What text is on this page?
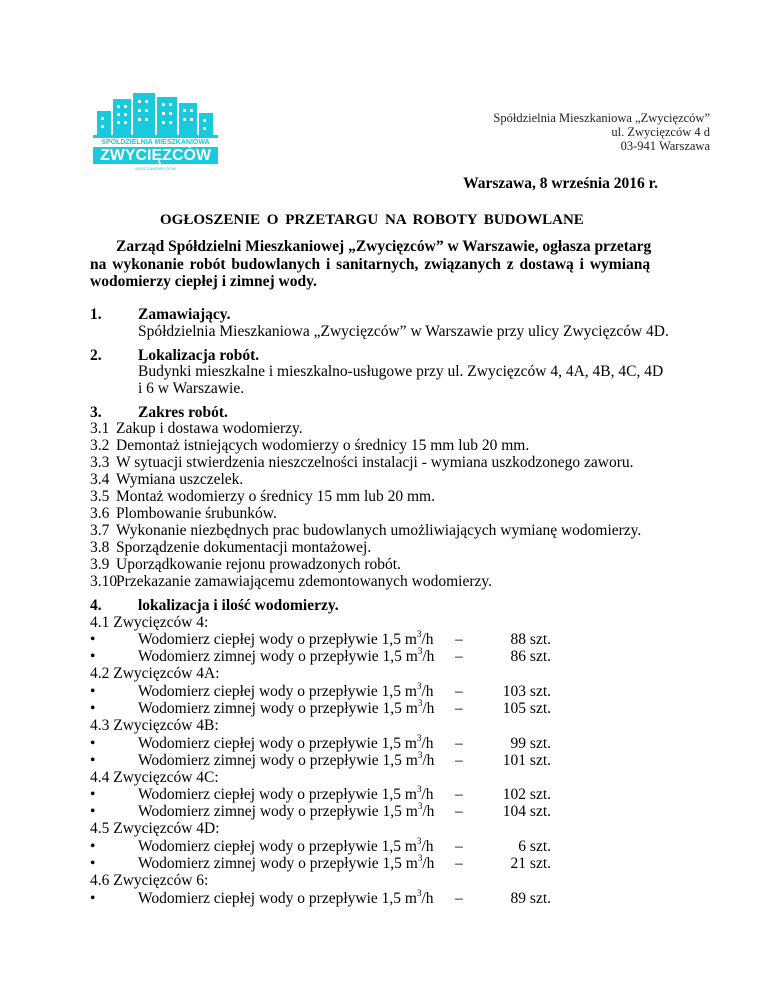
SPÓŁDZIELNIA MIESZKANIOWA
ZWYCIĘZCÓW
NASZ ZAUFANY DOM
Spółdzielnia Mieszkaniowa „Zwycięzców”
ul. Zwycięzców 4 d
03-941 Warszawa
Warszawa, 8 września 2016 r.
OGŁOSZENIE O PRZETARGU NA ROBOTY BUDOWLANE
Zarząd Spółdzielni Mieszkaniowej „Zwycięzców” w Warszawie, ogłasza przetarg
na wykonanie robót budowlanych i sanitarnych, związanych z dostawą i wymianą
wodomierzy ciepłej i zimnej wody.
1. Zamawiający.
Spółdzielnia Mieszkaniowa „Zwycięzców” w Warszawie przy ulicy Zwycięzców 4D.
2. Lokalizacja robót.
Budynki mieszkalne i mieszkalno-usługowe przy ul. Zwycięzców 4, 4A, 4B, 4C, 4D
i 6 w Warszawie.
3. Zakres robót.
3.1 Zakup i dostawa wodomierzy.
3.2 Demontaż istniejących wodomierzy o średnicy 15 mm lub 20 mm.
3.3 W sytuacji stwierdzenia nieszczelności instalacji - wymiana uszkodzonego zaworu.
3.4 Wymiana uszczelek.
3.5 Montaż wodomierzy o średnicy 15 mm lub 20 mm.
3.6 Plombowanie śrubunków.
3.7 Wykonanie niezbędnych prac budowlanych umożliwiających wymianę wodomierzy.
3.8 Sporządzenie dokumentacji montażowej.
3.9 Uporządkowanie rejonu prowadzonych robót.
3.10
Przekazanie zamawiającemu zdemontowanych wodomierzy.
4. lokalizacja i ilość wodomierzy.
4.1 Zwycięzców 4:
•	Wodomierz ciepłej wody o przepływie 1,5 $m^3/h$ –	88 szt.
•	Wodomierz zimnej wody o przepływie 1,5 $m^3/h$ –	86 szt.
4.2 Zwycięzców 4A:
•	Wodomierz ciepłej wody o przepływie 1,5 $m^3/h$ –	103 szt.
•	Wodomierz zimnej wody o przepływie 1,5 $m^3/h$ –	105 szt.
4.3 Zwycięzców 4B:
•	Wodomierz ciepłej wody o przepływie 1,5 $m^3/h$ –	99 szt.
•	Wodomierz zimnej wody o przepływie 1,5 $m^3/h$ –	101 szt.
4.4 Zwycięzców 4C:
•	Wodomierz ciepłej wody o przepływie 1,5 $m^3/h$ –	102 szt.
•	Wodomierz zimnej wody o przepływie 1,5 $m^3/h$ –	104 szt.
4.5 Zwycięzców 4D:
•	Wodomierz ciepłej wody o przepływie 1,5 $m^3/h$ –	6 szt.
•	Wodomierz zimnej wody o przepływie 1,5 $m^3/h$ –	21 szt.
4.6 Zwycięzców 6:
•	Wodomierz ciepłej wody o przepływie 1,5 $m^3/h$ –	89 szt.
